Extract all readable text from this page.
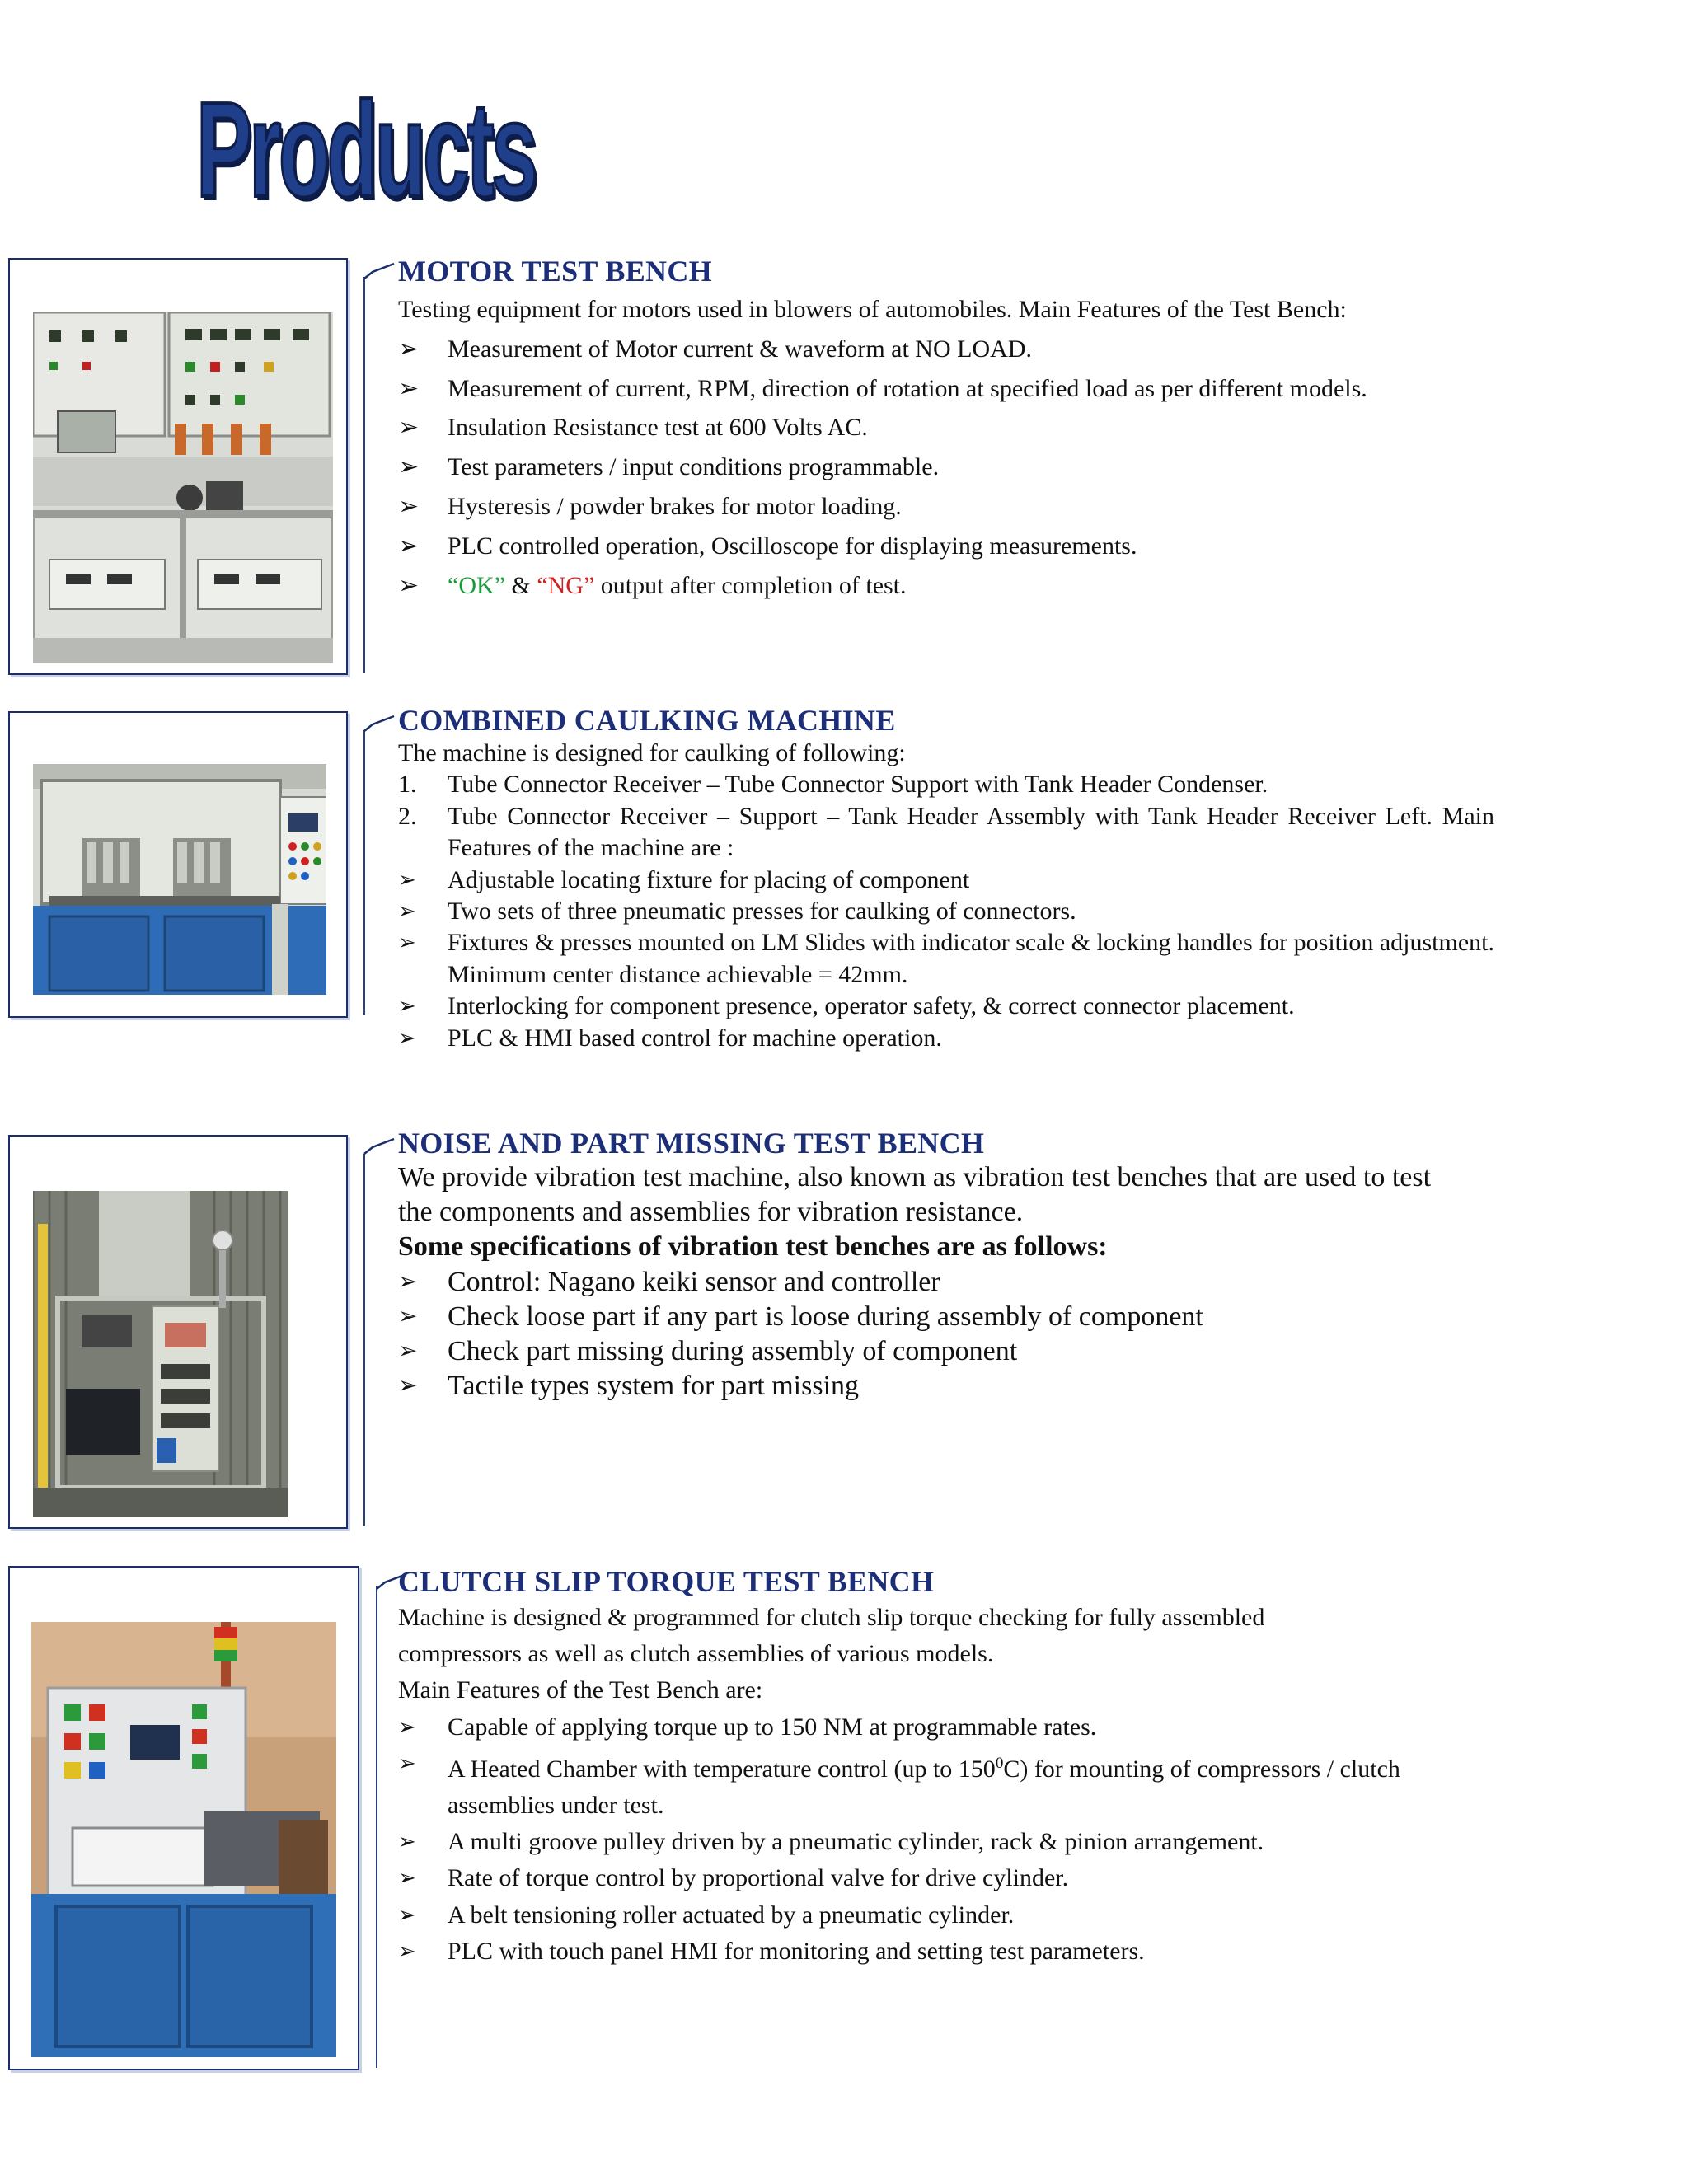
Products
MOTOR TEST BENCH

Testing equipment for motors used in blowers of automobiles. Main Features of the Test Bench:

➢ Measurement of Motor current & waveform at NO LOAD.
➢ Measurement of current, RPM, direction of rotation at specified load as per different models.
➢ Insulation Resistance test at 600 Volts AC.
➢ Test parameters / input conditions programmable.
➢ Hysteresis / powder brakes for motor loading.
➢ PLC controlled operation, Oscilloscope for displaying measurements.
➢ “OK” & “NG” output after completion of test.
COMBINED CAULKING MACHINE

The machine is designed for caulking of following:

1. Tube Connector Receiver – Tube Connector Support with Tank Header Condenser.
2. Tube Connector Receiver – Support – Tank Header Assembly with Tank Header Receiver Left. Main Features of the machine are :
➢ Adjustable locating fixture for placing of component
➢ Two sets of three pneumatic presses for caulking of connectors.
➢ Fixtures & presses mounted on LM Slides with indicator scale & locking handles for position adjustment. Minimum center distance achievable = 42mm.
➢ Interlocking for component presence, operator safety, & correct connector placement.
➢ PLC & HMI based control for machine operation.
NOISE AND PART MISSING TEST BENCH

We provide vibration test machine, also known as vibration test benches that are used to test the components and assemblies for vibration resistance.

Some specifications of vibration test benches are as follows:

➢ Control: Nagano keiki sensor and controller
➢ Check loose part if any part is loose during assembly of component
➢ Check part missing during assembly of component
➢ Tactile types system for part missing
CLUTCH SLIP TORQUE TEST BENCH

Machine is designed & programmed for clutch slip torque checking for fully assembled compressors as well as clutch assemblies of various models.

Main Features of the Test Bench are:

➢ Capable of applying torque up to 150 NM at programmable rates.
➢ A Heated Chamber with temperature control (up to $150^0C$) for mounting of compressors / clutch assemblies under test.
➢ A multi groove pulley driven by a pneumatic cylinder, rack & pinion arrangement.
➢ Rate of torque control by proportional valve for drive cylinder.
➢ A belt tensioning roller actuated by a pneumatic cylinder.
➢ PLC with touch panel HMI for monitoring and setting test parameters.
